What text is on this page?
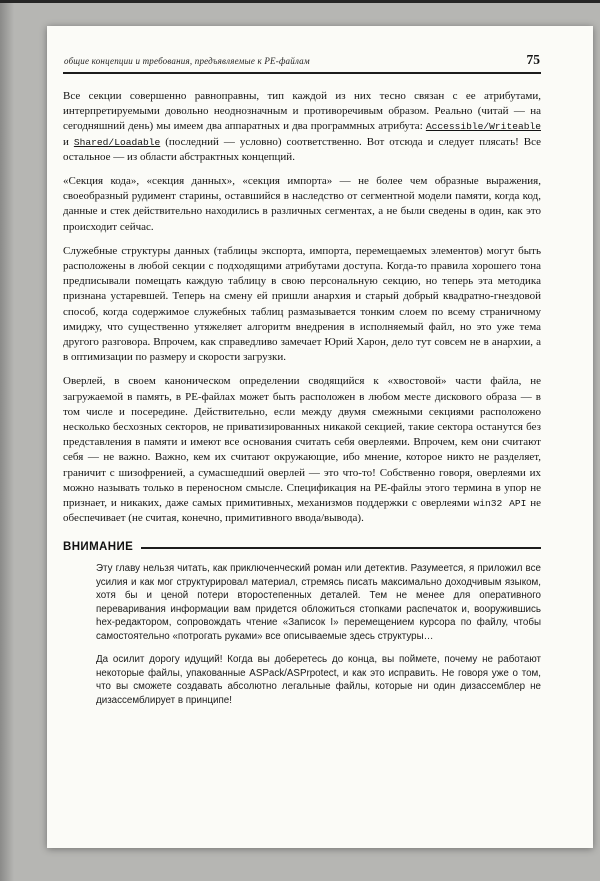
общие концепции и требования, предъявляемые к PE-файлам	75

Все секции совершенно равноправны, тип каждой из них тесно связан с ее атрибутами, интерпретируемыми довольно неоднозначным и противоречивым образом. Реально (читай — на сегодняшний день) мы имеем два аппаратных и два программных атрибута: Accessible/Writeable и Shared/Loadable (последний — условно) соответственно. Вот отсюда и следует плясать! Все остальное — из области абстрактных концепций.

«Секция кода», «секция данных», «секция импорта» — не более чем образные выражения, своеобразный рудимент старины, оставшийся в наследство от сегментной модели памяти, когда код, данные и стек действительно находились в различных сегментах, а не были сведены в один, как это происходит сейчас.

Служебные структуры данных (таблицы экспорта, импорта, перемещаемых элементов) могут быть расположены в любой секции с подходящими атрибутами доступа. Когда-то правила хорошего тона предписывали помещать каждую таблицу в свою персональную секцию, но теперь эта методика признана устаревшей. Теперь на смену ей пришли анархия и старый добрый квадратно-гнездовой способ, когда содержимое служебных таблиц размазывается тонким слоем по всему страничному имиджу, что существенно утяжеляет алгоритм внедрения в исполняемый файл, но это уже тема другого разговора. Впрочем, как справедливо замечает Юрий Харон, дело тут совсем не в анархии, а в оптимизации по размеру и скорости загрузки.

Оверлей, в своем каноническом определении сводящийся к «хвостовой» части файла, не загружаемой в память, в PE-файлах может быть расположен в любом месте дискового образа — в том числе и посередине. Действительно, если между двумя смежными секциями расположено несколько бесхозных секторов, не приватизированных никакой секцией, такие сектора останутся без представления в памяти и имеют все основания считать себя оверлеями. Впрочем, кем они считают себя — не важно. Важно, кем их считают окружающие, ибо мнение, которое никто не разделяет, граничит с шизофренией, а сумасшедший оверлей — это что-то! Собственно говоря, оверлеями их можно называть только в переносном смысле. Спецификация на PE-файлы этого термина в упор не признает, и никаких, даже самых примитивных, механизмов поддержки с оверлеями win32 API не обеспечивает (не считая, конечно, примитивного ввода/вывода).

ВНИМАНИЕ

Эту главу нельзя читать, как приключенческий роман или детектив. Разумеется, я приложил все усилия и как мог структурировал материал, стремясь писать максимально доходчивым языком, хотя бы и ценой потери второстепенных деталей. Тем не менее для оперативного переваривания информации вам придется обложиться стопками распечаток и, вооружившись hex-редактором, сопровождать чтение «Записок I» перемещением курсора по файлу, чтобы самостоятельно «потрогать руками» все описываемые здесь структуры…

Да осилит дорогу идущий! Когда вы доберетесь до конца, вы поймете, почему не работают некоторые файлы, упакованные ASPack/ASPrpotect, и как это исправить. Не говоря уже о том, что вы сможете создавать абсолютно легальные файлы, которые ни один дизассемблер не дизассемблирует в принципе!
